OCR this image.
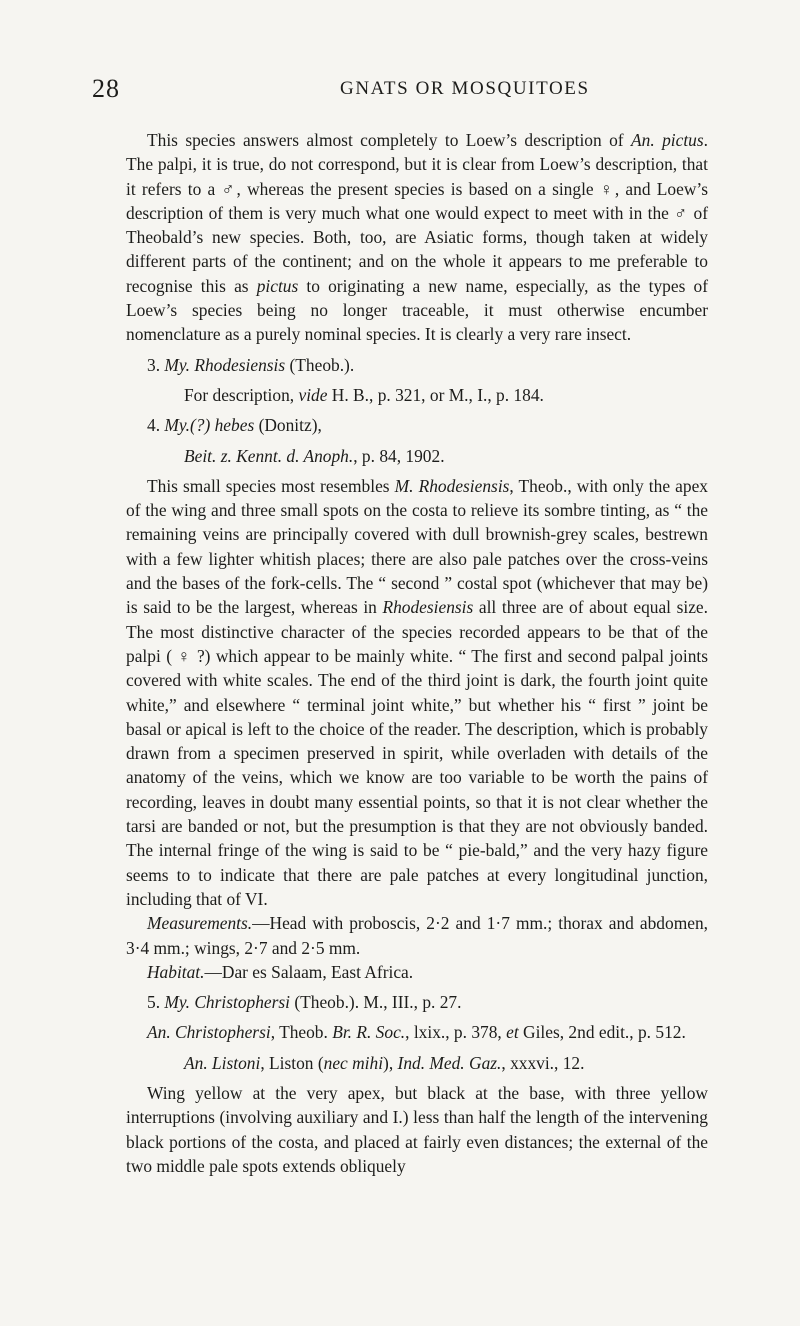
28	GNATS OR MOSQUITOES

This species answers almost completely to Loew’s description of An. pictus. The palpi, it is true, do not correspond, but it is clear from Loew’s description, that it refers to a ♂, whereas the present species is based on a single ♀, and Loew’s description of them is very much what one would expect to meet with in the ♂ of Theobald’s new species. Both, too, are Asiatic forms, though taken at widely different parts of the continent; and on the whole it appears to me preferable to recognise this as pictus to originating a new name, especially, as the types of Loew’s species being no longer traceable, it must otherwise encumber nomenclature as a purely nominal species. It is clearly a very rare insect.

3. My. Rhodesiensis (Theob.).

For description, vide H. B., p. 321, or M., I., p. 184.

4. My.(?) hebes (Donitz),

Beit. z. Kennt. d. Anoph., p. 84, 1902.

This small species most resembles M. Rhodesiensis, Theob., with only the apex of the wing and three small spots on the costa to relieve its sombre tinting, as “ the remaining veins are principally covered with dull brownish-grey scales, bestrewn with a few lighter whitish places; there are also pale patches over the cross-veins and the bases of the fork-cells. The “ second ” costal spot (whichever that may be) is said to be the largest, whereas in Rhodesiensis all three are of about equal size. The most distinctive character of the species recorded appears to be that of the palpi ( ♀ ?) which appear to be mainly white. “ The first and second palpal joints covered with white scales. The end of the third joint is dark, the fourth joint quite white,” and elsewhere “ terminal joint white,” but whether his “ first ” joint be basal or apical is left to the choice of the reader. The description, which is probably drawn from a specimen preserved in spirit, while overladen with details of the anatomy of the veins, which we know are too variable to be worth the pains of recording, leaves in doubt many essential points, so that it is not clear whether the tarsi are banded or not, but the presumption is that they are not obviously banded. The internal fringe of the wing is said to be “ pie-bald,” and the very hazy figure seems to to indicate that there are pale patches at every longitudinal junction, including that of VI.

Measurements.—Head with proboscis, 2·2 and 1·7 mm.; thorax and abdomen, 3·4 mm.; wings, 2·7 and 2·5 mm.

Habitat.—Dar es Salaam, East Africa.

5. My. Christophersi (Theob.). M., III., p. 27.

An. Christophersi, Theob. Br. R. Soc., lxix., p. 378, et Giles, 2nd edit., p. 512.

An. Listoni, Liston (nec mihi), Ind. Med. Gaz., xxxvi., 12.

Wing yellow at the very apex, but black at the base, with three yellow interruptions (involving auxiliary and I.) less than half the length of the intervening black portions of the costa, and placed at fairly even distances; the external of the two middle pale spots extends obliquely
